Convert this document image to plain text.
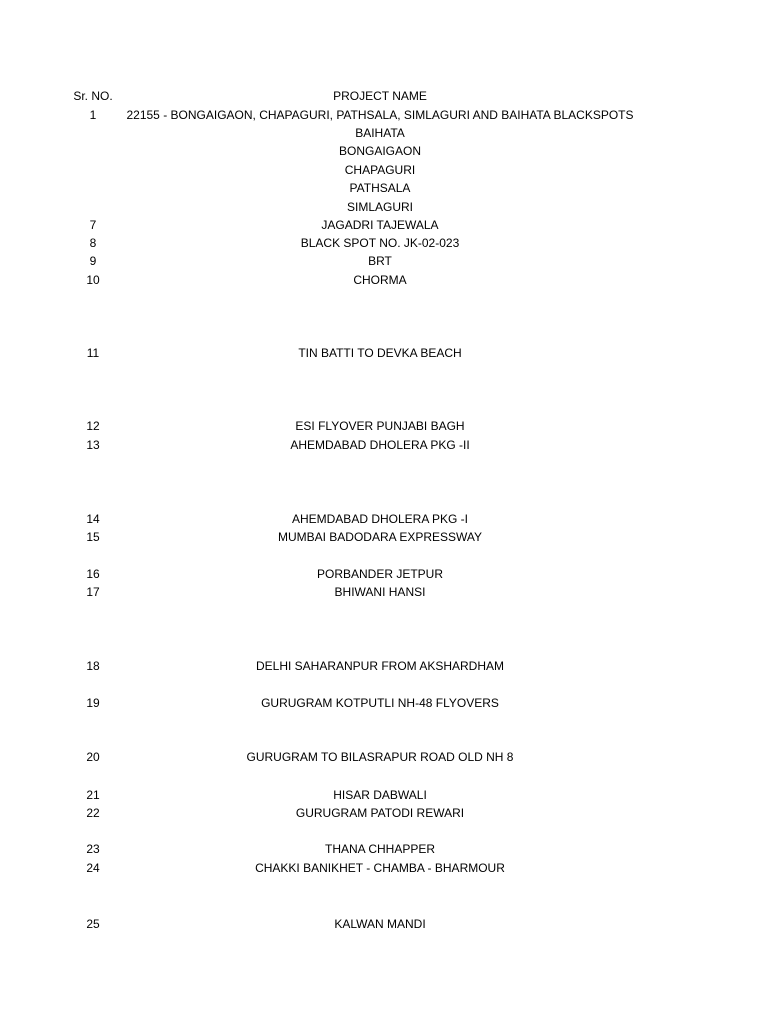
Sr. NO.	PROJECT NAME
1	22155 - BONGAIGAON, CHAPAGURI, PATHSALA, SIMLAGURI AND BAIHATA BLACKSPOTS
BAIHATA
BONGAIGAON
CHAPAGURI
PATHSALA
SIMLAGURI
7	JAGADRI TAJEWALA
8	BLACK SPOT NO. JK-02-023
9	BRT
10	CHORMA
11	TIN BATTI TO DEVKA BEACH
12	ESI FLYOVER PUNJABI BAGH
13	AHEMDABAD DHOLERA PKG -II
14	AHEMDABAD DHOLERA PKG -I
15	MUMBAI BADODARA EXPRESSWAY
16	PORBANDER JETPUR
17	BHIWANI HANSI
18	DELHI SAHARANPUR FROM AKSHARDHAM
19	GURUGRAM KOTPUTLI NH-48 FLYOVERS
20	GURUGRAM TO BILASRAPUR ROAD OLD NH 8
21	HISAR DABWALI
22	GURUGRAM PATODI REWARI
23	THANA CHHAPPER
24	CHAKKI BANIKHET - CHAMBA - BHARMOUR
25	KALWAN MANDI
